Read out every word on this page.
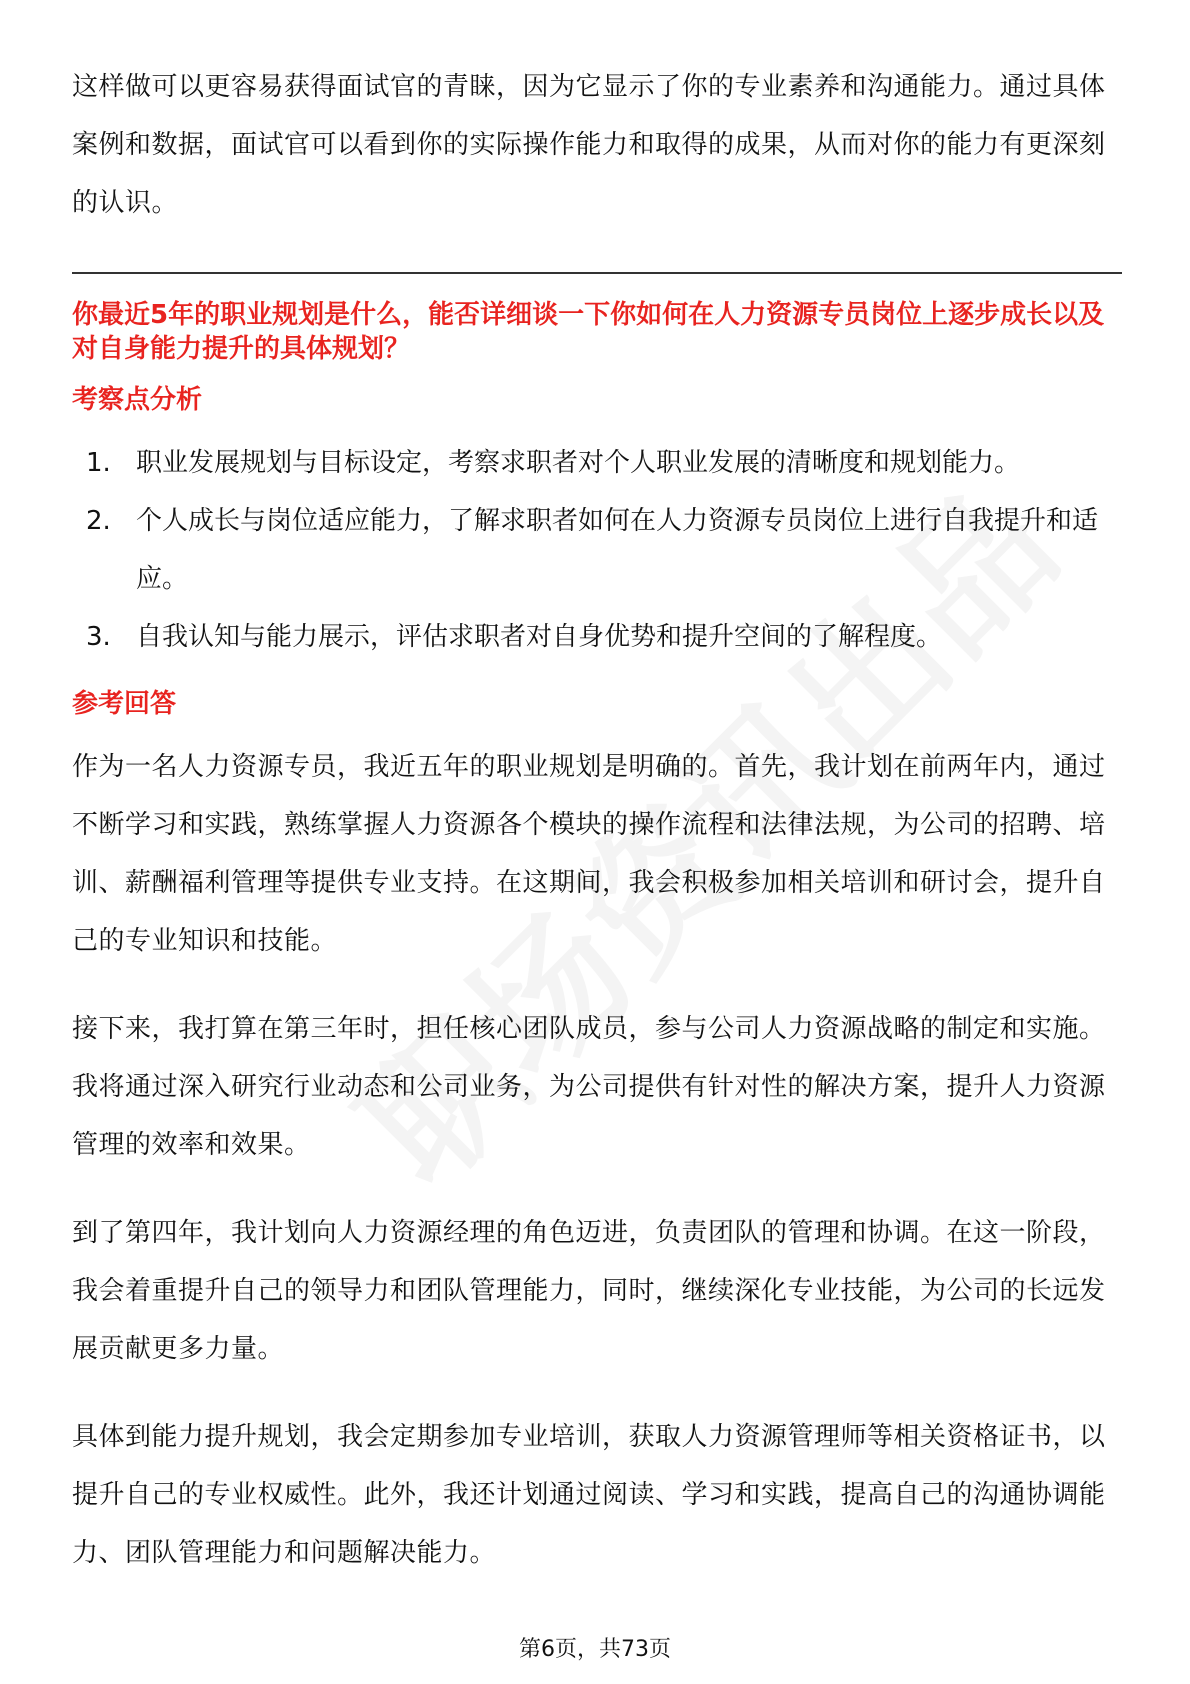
这样做可以更容易获得面试官的青睐，因为它显示了你的专业素养和沟通能力。通过具体案例和数据，面试官可以看到你的实际操作能力和取得的成果，从而对你的能力有更深刻的认识。

你最近5年的职业规划是什么，能否详细谈一下你如何在人力资源专员岗位上逐步成长以及对自身能力提升的具体规划？

考察点分析
1. 职业发展规划与目标设定，考察求职者对个人职业发展的清晰度和规划能力。
2. 个人成长与岗位适应能力，了解求职者如何在人力资源专员岗位上进行自我提升和适应。
3. 自我认知与能力展示，评估求职者对自身优势和提升空间的了解程度。
参考回答

作为一名人力资源专员，我近五年的职业规划是明确的。首先，我计划在前两年内，通过不断学习和实践，熟练掌握人力资源各个模块的操作流程和法律法规，为公司的招聘、培训、薪酬福利管理等提供专业支持。在这期间，我会积极参加相关培训和研讨会，提升自己的专业知识和技能。

接下来，我打算在第三年时，担任核心团队成员，参与公司人力资源战略的制定和实施。我将通过深入研究行业动态和公司业务，为公司提供有针对性的解决方案，提升人力资源管理的效率和效果。

到了第四年，我计划向人力资源经理的角色迈进，负责团队的管理和协调。在这一阶段，我会着重提升自己的领导力和团队管理能力，同时，继续深化专业技能，为公司的长远发展贡献更多力量。

具体到能力提升规划，我会定期参加专业培训，获取人力资源管理师等相关资格证书，以提升自己的专业权威性。此外，我还计划通过阅读、学习和实践，提高自己的沟通协调能力、团队管理能力和问题解决能力。

第6页，共73页
